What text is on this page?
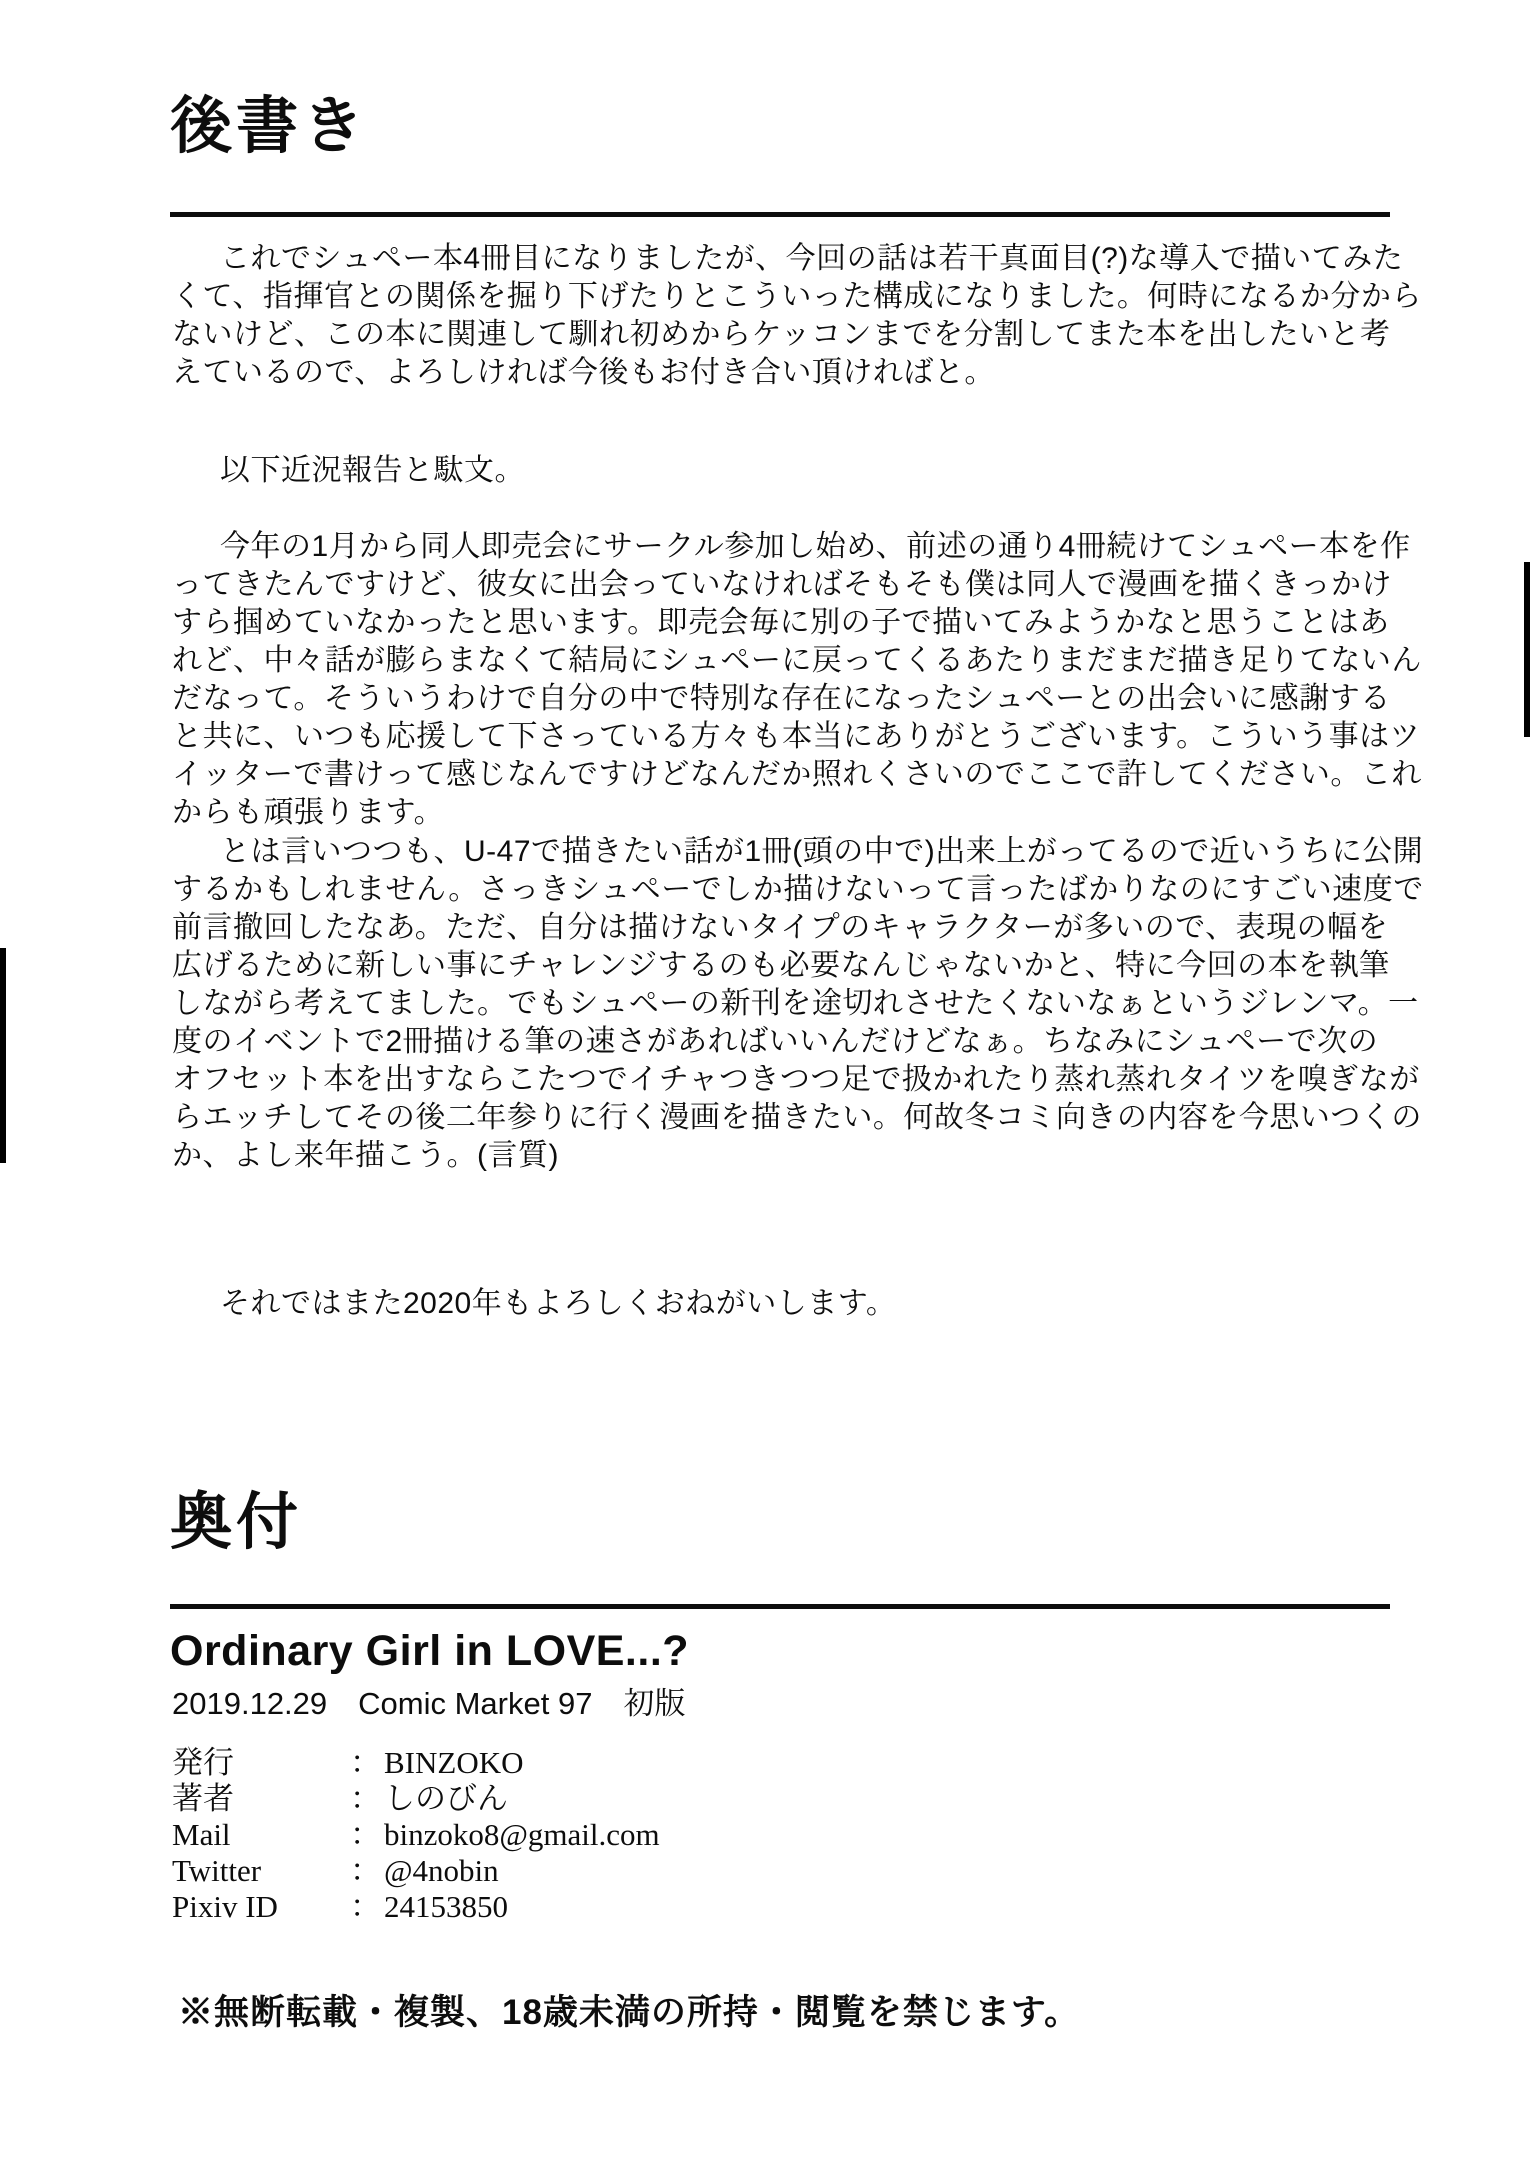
後書き
これでシュペー本4冊目になりましたが、今回の話は若干真面目(?)な導入で描いてみた
くて、指揮官との関係を掘り下げたりとこういった構成になりました。何時になるか分から
ないけど、この本に関連して馴れ初めからケッコンまでを分割してまた本を出したいと考
えているので、よろしければ今後もお付き合い頂ければと。
以下近況報告と駄文。
今年の1月から同人即売会にサークル参加し始め、前述の通り4冊続けてシュペー本を作
ってきたんですけど、彼女に出会っていなければそもそも僕は同人で漫画を描くきっかけ
すら掴めていなかったと思います。即売会毎に別の子で描いてみようかなと思うことはあ
れど、中々話が膨らまなくて結局にシュペーに戻ってくるあたりまだまだ描き足りてないん
だなって。そういうわけで自分の中で特別な存在になったシュペーとの出会いに感謝する
と共に、いつも応援して下さっている方々も本当にありがとうございます。こういう事はツ
イッターで書けって感じなんですけどなんだか照れくさいのでここで許してください。これ
からも頑張ります。
とは言いつつも、U-47で描きたい話が1冊(頭の中で)出来上がってるので近いうちに公開
するかもしれません。さっきシュペーでしか描けないって言ったばかりなのにすごい速度で
前言撤回したなあ。ただ、自分は描けないタイプのキャラクターが多いので、表現の幅を
広げるために新しい事にチャレンジするのも必要なんじゃないかと、特に今回の本を執筆
しながら考えてました。でもシュペーの新刊を途切れさせたくないなぁというジレンマ。一
度のイベントで2冊描ける筆の速さがあればいいんだけどなぁ。ちなみにシュペーで次の
オフセット本を出すならこたつでイチャつきつつ足で扱かれたり蒸れ蒸れタイツを嗅ぎなが
らエッチしてその後二年参りに行く漫画を描きたい。何故冬コミ向きの内容を今思いつくの
か、よし来年描こう。(言質)
それではまた2020年もよろしくおねがいします。
奥付
Ordinary Girl in LOVE...?
2019.12.29　Comic Market 97　初版
発行	： BINZOKO
著者	： しのびん
Mail	： binzoko8@gmail.com
Twitter	： @4nobin
Pixiv ID	： 24153850
※無断転載・複製、18歳未満の所持・閲覧を禁じます。
